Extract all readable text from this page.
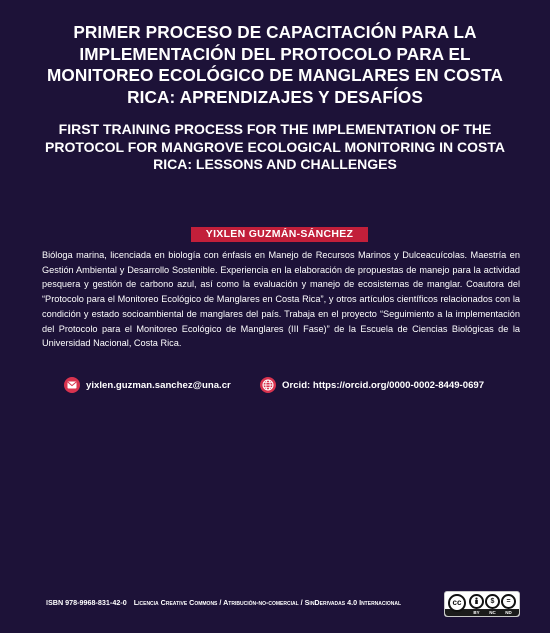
PRIMER PROCESO DE CAPACITACIÓN PARA LA IMPLEMENTACIÓN DEL PROTOCOLO PARA EL MONITOREO ECOLÓGICO DE MANGLARES EN COSTA RICA: APRENDIZAJES Y DESAFÍOS
FIRST TRAINING PROCESS FOR THE IMPLEMENTATION OF THE PROTOCOL FOR MANGROVE ECOLOGICAL MONITORING IN COSTA RICA: LESSONS AND CHALLENGES
YIXLEN GUZMÁN-SÁNCHEZ

Bióloga marina, licenciada en biología con énfasis en Manejo de Recursos Marinos y Dulceacuícolas. Maestría en Gestión Ambiental y Desarrollo Sostenible. Experiencia en la elaboración de propuestas de manejo para la actividad pesquera y gestión de carbono azul, así como la evaluación y manejo de ecosistemas de manglar. Coautora del “Protocolo para el Monitoreo Ecológico de Manglares en Costa Rica”, y otros artículos científicos relacionados con la condición y estado socioambiental de manglares del país. Trabaja en el proyecto “Seguimiento a la implementación del Protocolo para el Monitoreo Ecológico de Manglares (III Fase)” de la Escuela de Ciencias Biológicas de la Universidad Nacional, Costa Rica.

yixlen.guzman.sanchez@una.cr	Orcid: https://orcid.org/0000-0002-8449-0697
ISBN 978-9968-831-42-0 Licencia Creative Commons / Atribución-no-comercial / SinDerivadas 4.0 Internacional	cc	$	=
BY	NC	ND
